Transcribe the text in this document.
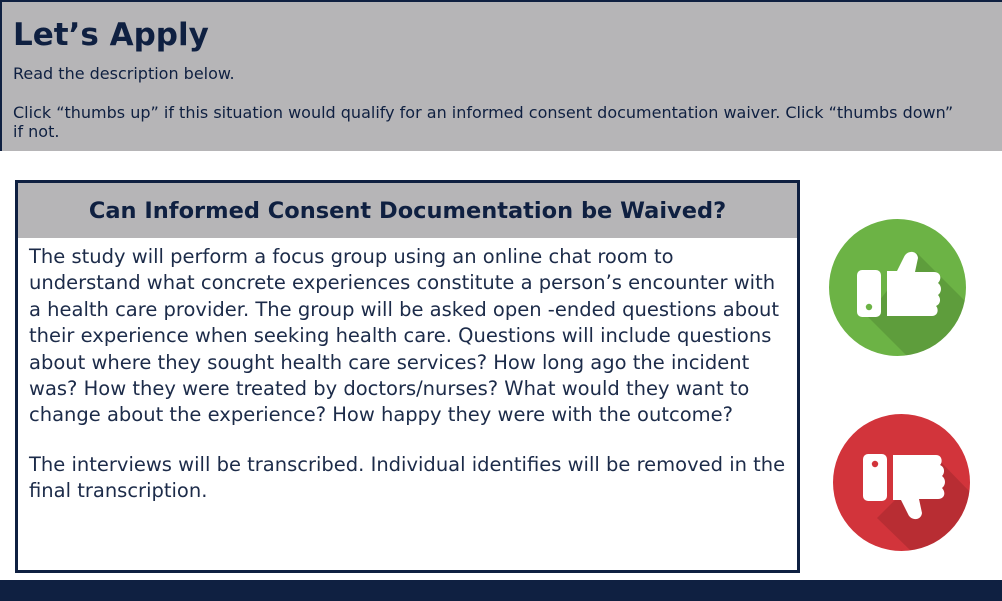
Let’s Apply

Read the description below.

Click “thumbs up” if this situation would qualify for an informed consent documentation waiver. Click “thumbs down” if not.

Can Informed Consent Documentation be Waived?

The study will perform a focus group using an online chat room to understand what concrete experiences constitute a person’s encounter with a health care provider. The group will be asked open -ended questions about their experience when seeking health care. Questions will include questions about where they sought health care services? How long ago the incident was? How they were treated by doctors/nurses? What would they want to change about the experience? How happy they were with the outcome?

The interviews will be transcribed. Individual identifies will be removed in the final transcription.
